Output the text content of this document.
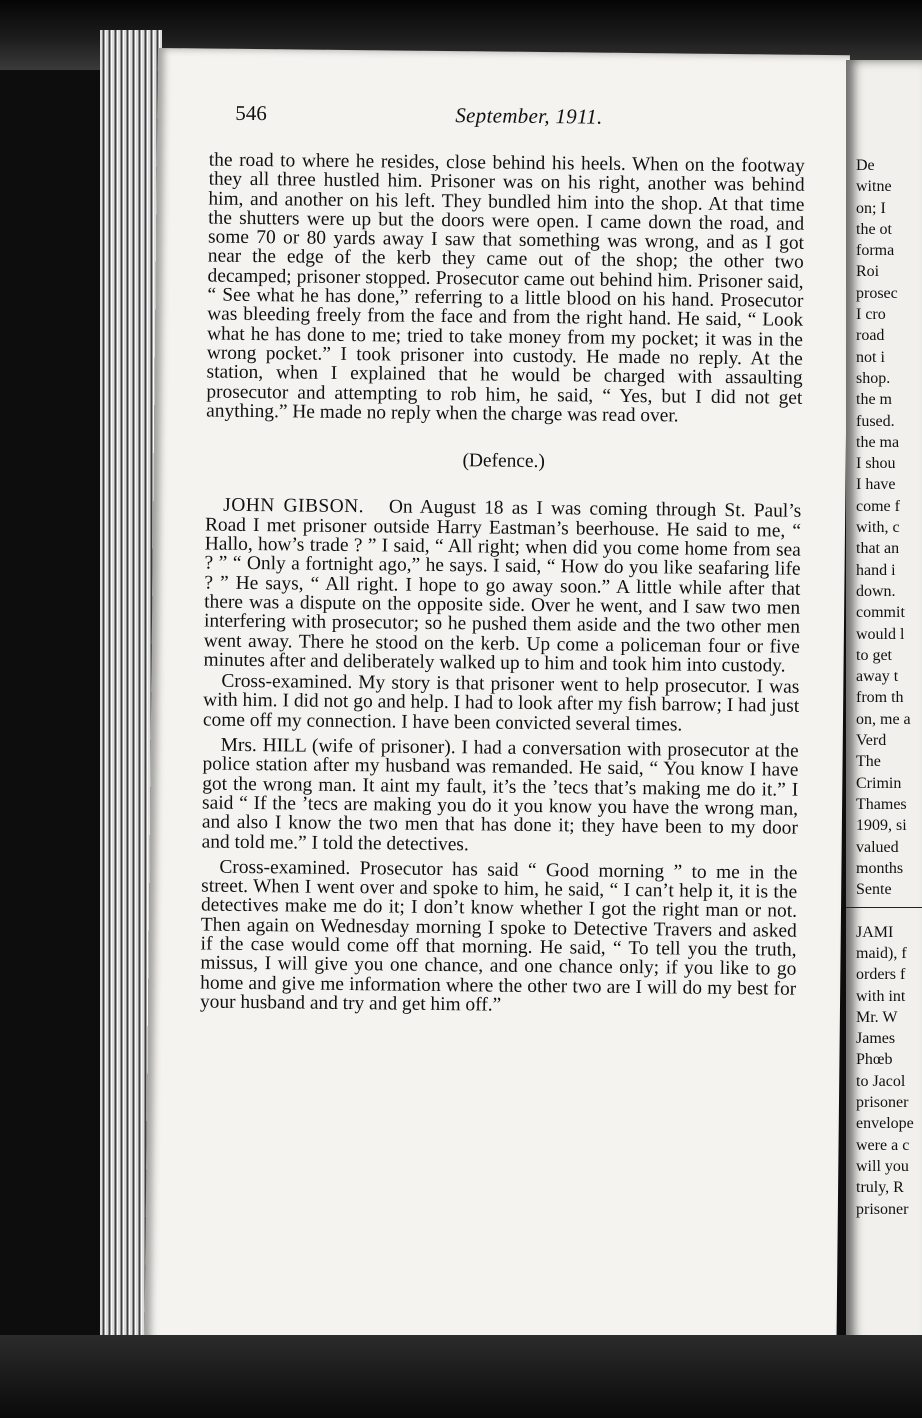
546	September, 1911.

the road to where he resides, close behind his heels. When on the footway they all three hustled him. Prisoner was on his right, another was behind him, and another on his left. They bundled him into the shop. At that time the shutters were up but the doors were open. I came down the road, and some 70 or 80 yards away I saw that something was wrong, and as I got near the edge of the kerb they came out of the shop; the other two decamped; prisoner stopped. Prosecutor came out behind him. Prisoner said, “ See what he has done,” referring to a little blood on his hand. Prosecutor was bleeding freely from the face and from the right hand. He said, “ Look what he has done to me; tried to take money from my pocket; it was in the wrong pocket.” I took prisoner into custody. He made no reply. At the station, when I explained that he would be charged with assaulting prosecutor and attempting to rob him, he said, “ Yes, but I did not get anything.” He made no reply when the charge was read over.

(Defence.)

JOHN GIBSON. On August 18 as I was coming through St. Paul’s Road I met prisoner outside Harry Eastman’s beerhouse. He said to me, “ Hallo, how’s trade ? ” I said, “ All right; when did you come home from sea ? ” “ Only a fortnight ago,” he says. I said, “ How do you like seafaring life ? ” He says, “ All right. I hope to go away soon.” A little while after that there was a dispute on the opposite side. Over he went, and I saw two men interfering with prosecutor; so he pushed them aside and the two other men went away. There he stood on the kerb. Up come a policeman four or five minutes after and deliberately walked up to him and took him into custody.

Cross-examined. My story is that prisoner went to help prosecutor. I was with him. I did not go and help. I had to look after my fish barrow; I had just come off my connection. I have been convicted several times.

Mrs. HILL (wife of prisoner). I had a conversation with prosecutor at the police station after my husband was remanded. He said, “ You know I have got the wrong man. It aint my fault, it’s the ’tecs that’s making me do it.” I said “ If the ’tecs are making you do it you know you have the wrong man, and also I know the two men that has done it; they have been to my door and told me.” I told the detectives.

Cross-examined. Prosecutor has said “ Good morning ” to me in the street. When I went over and spoke to him, he said, “ I can’t help it, it is the detectives make me do it; I don’t know whether I got the right man or not. Then again on Wednesday morning I spoke to Detective Travers and asked if the case would come off that morning. He said, “ To tell you the truth, missus, I will give you one chance, and one chance only; if you like to go home and give me information where the other two are I will do my best for your husband and try and get him off.”

De
witne
on; I
the ot
forma
Roi
prosec
I cro
road
not i
shop.
the m
fused.
the ma
I shou
I have
come f
with, c
that an
hand i
down.
commit
would l
to get
away t
from th
on, me a
Verd
The
Crimin
Thames
1909, si
valued
months
Sente
JAMI
maid), f
orders f
with int
Mr. W
James
Phœb
to Jacol
prisoner
envelope
were a c
will you
truly, R
prisoner
